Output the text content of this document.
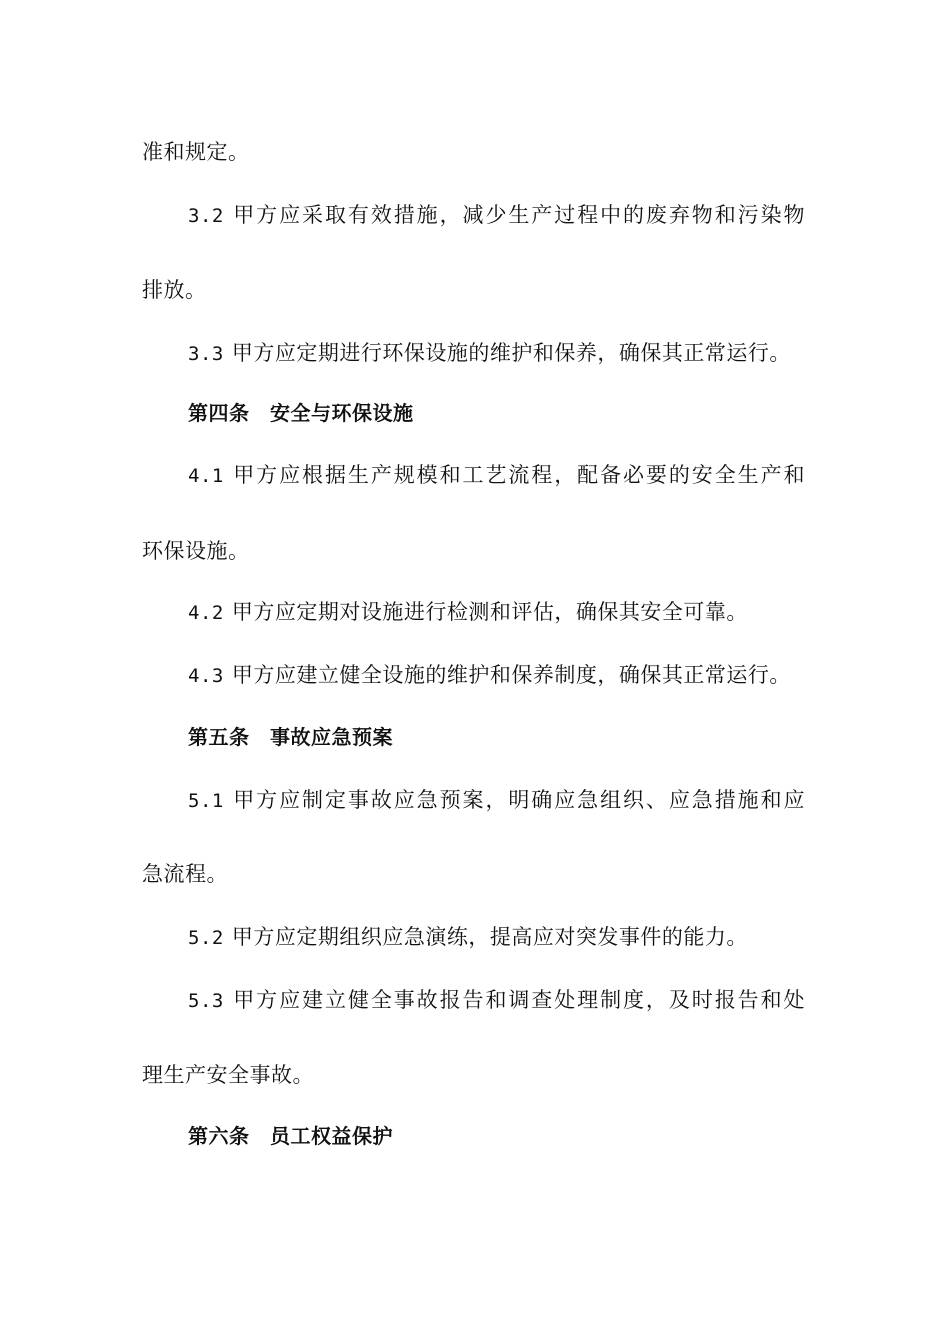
准和规定。
3.2 甲方应采取有效措施，减少生产过程中的废弃物和污染物
排放。
3.3 甲方应定期进行环保设施的维护和保养，确保其正常运行。
第四条　安全与环保设施
4.1 甲方应根据生产规模和工艺流程，配备必要的安全生产和
环保设施。
4.2 甲方应定期对设施进行检测和评估，确保其安全可靠。
4.3 甲方应建立健全设施的维护和保养制度，确保其正常运行。
第五条　事故应急预案
5.1 甲方应制定事故应急预案，明确应急组织、应急措施和应
急流程。
5.2 甲方应定期组织应急演练，提高应对突发事件的能力。
5.3 甲方应建立健全事故报告和调查处理制度，及时报告和处
理生产安全事故。
第六条　员工权益保护
